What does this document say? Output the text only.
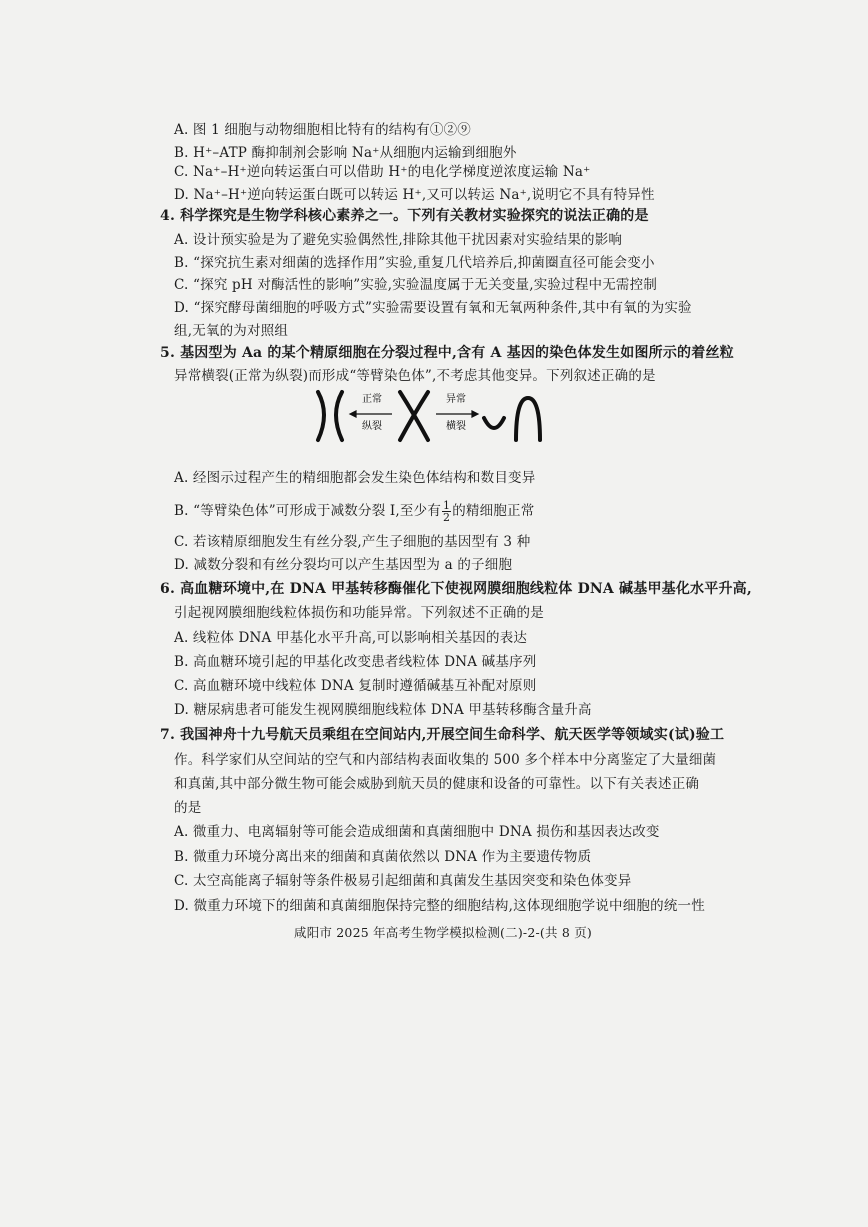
A. 图 1 细胞与动物细胞相比特有的结构有①②⑨
B. H⁺–ATP 酶抑制剂会影响 Na⁺从细胞内运输到细胞外
C. Na⁺–H⁺逆向转运蛋白可以借助 H⁺的电化学梯度逆浓度运输 Na⁺
D. Na⁺–H⁺逆向转运蛋白既可以转运 H⁺,又可以转运 Na⁺,说明它不具有特异性
4. 科学探究是生物学科核心素养之一。下列有关教材实验探究的说法正确的是
A. 设计预实验是为了避免实验偶然性,排除其他干扰因素对实验结果的影响
B. “探究抗生素对细菌的选择作用”实验,重复几代培养后,抑菌圈直径可能会变小
C. “探究 pH 对酶活性的影响”实验,实验温度属于无关变量,实验过程中无需控制
D. “探究酵母菌细胞的呼吸方式”实验需要设置有氧和无氧两种条件,其中有氧的为实验
组,无氧的为对照组
5. 基因型为 Aa 的某个精原细胞在分裂过程中,含有 A 基因的染色体发生如图所示的着丝粒
异常横裂(正常为纵裂)而形成“等臂染色体”,不考虑其他变异。下列叙述正确的是
正常
纵裂
异常
横裂
A. 经图示过程产生的精细胞都会发生染色体结构和数目变异
B. “等臂染色体”可形成于减数分裂 I,至少有 $\frac{1}{2}$ 的精细胞正常
C. 若该精原细胞发生有丝分裂,产生子细胞的基因型有 3 种
D. 减数分裂和有丝分裂均可以产生基因型为 a 的子细胞
6. 高血糖环境中,在 DNA 甲基转移酶催化下使视网膜细胞线粒体 DNA 碱基甲基化水平升高,
引起视网膜细胞线粒体损伤和功能异常。下列叙述不正确的是
A. 线粒体 DNA 甲基化水平升高,可以影响相关基因的表达
B. 高血糖环境引起的甲基化改变患者线粒体 DNA 碱基序列
C. 高血糖环境中线粒体 DNA 复制时遵循碱基互补配对原则
D. 糖尿病患者可能发生视网膜细胞线粒体 DNA 甲基转移酶含量升高
7. 我国神舟十九号航天员乘组在空间站内,开展空间生命科学、航天医学等领域实(试)验工
作。科学家们从空间站的空气和内部结构表面收集的 500 多个样本中分离鉴定了大量细菌
和真菌,其中部分微生物可能会威胁到航天员的健康和设备的可靠性。以下有关表述正确
的是
A. 微重力、电离辐射等可能会造成细菌和真菌细胞中 DNA 损伤和基因表达改变
B. 微重力环境分离出来的细菌和真菌依然以 DNA 作为主要遗传物质
C. 太空高能离子辐射等条件极易引起细菌和真菌发生基因突变和染色体变异
D. 微重力环境下的细菌和真菌细胞保持完整的细胞结构,这体现细胞学说中细胞的统一性
咸阳市 2025 年高考生物学模拟检测(二)-2-(共 8 页)
